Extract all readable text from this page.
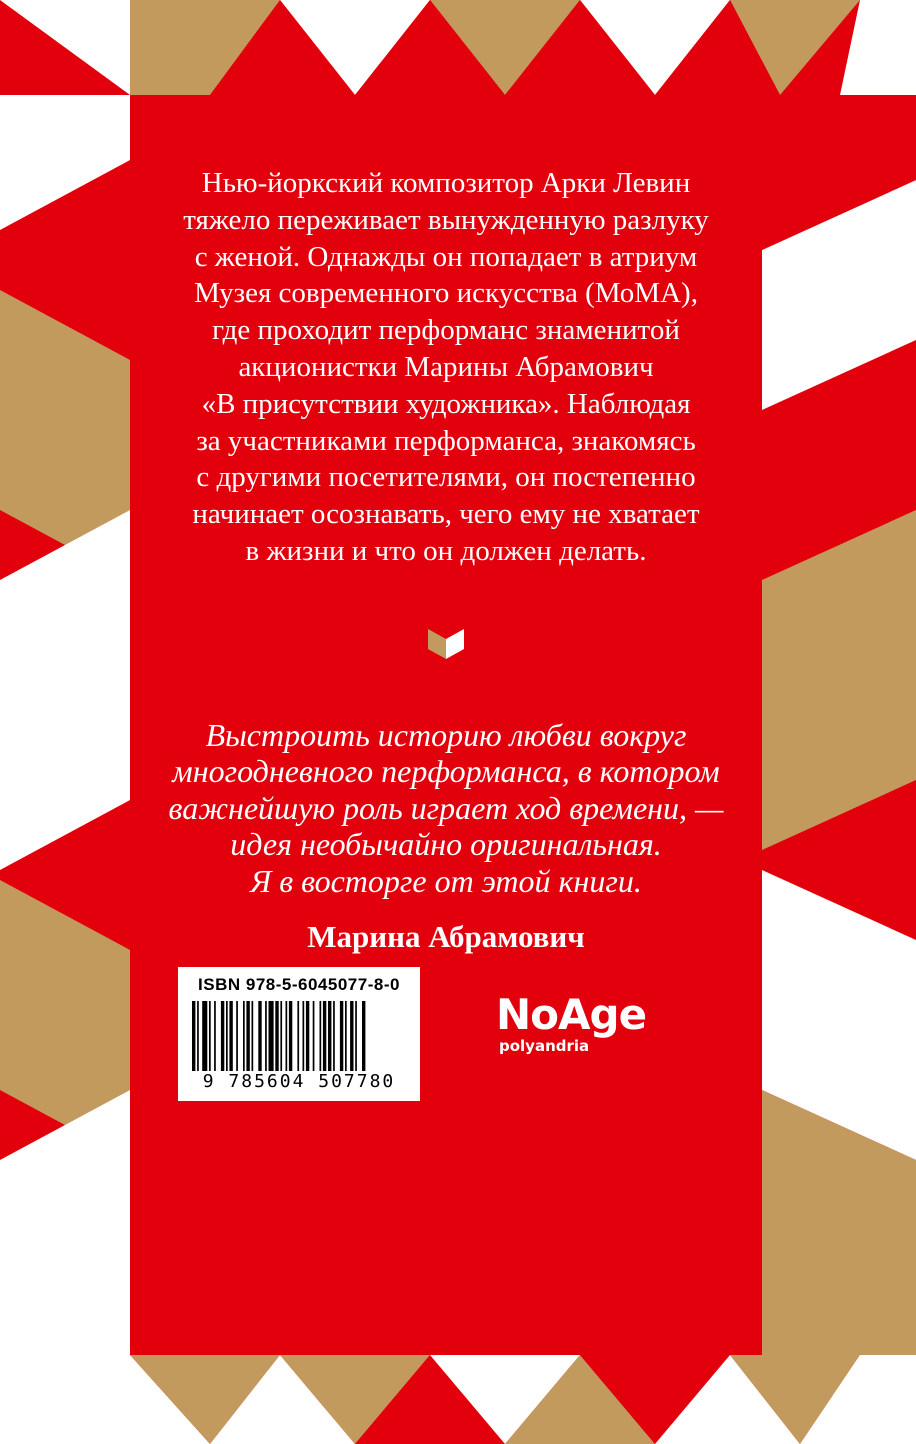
Нью-йоркский композитор Арки Левин
тяжело переживает вынужденную разлуку
с женой. Однажды он попадает в атриум
Музея современного искусства (МоМА),
где проходит перформанс знаменитой
акционистки Марины Абрамович
«В присутствии художника». Наблюдая
за участниками перформанса, знакомясь
с другими посетителями, он постепенно
начинает осознавать, чего ему не хватает
в жизни и что он должен делать.
Выстроить историю любви вокруг
многодневного перформанса, в котором
важнейшую роль играет ход времени, —
идея необычайно оригинальная.
Я в восторге от этой книги.
Марина Абрамович
ISBN 978-5-6045077-8-0
9 785604 507780
NoAge
polyandria
